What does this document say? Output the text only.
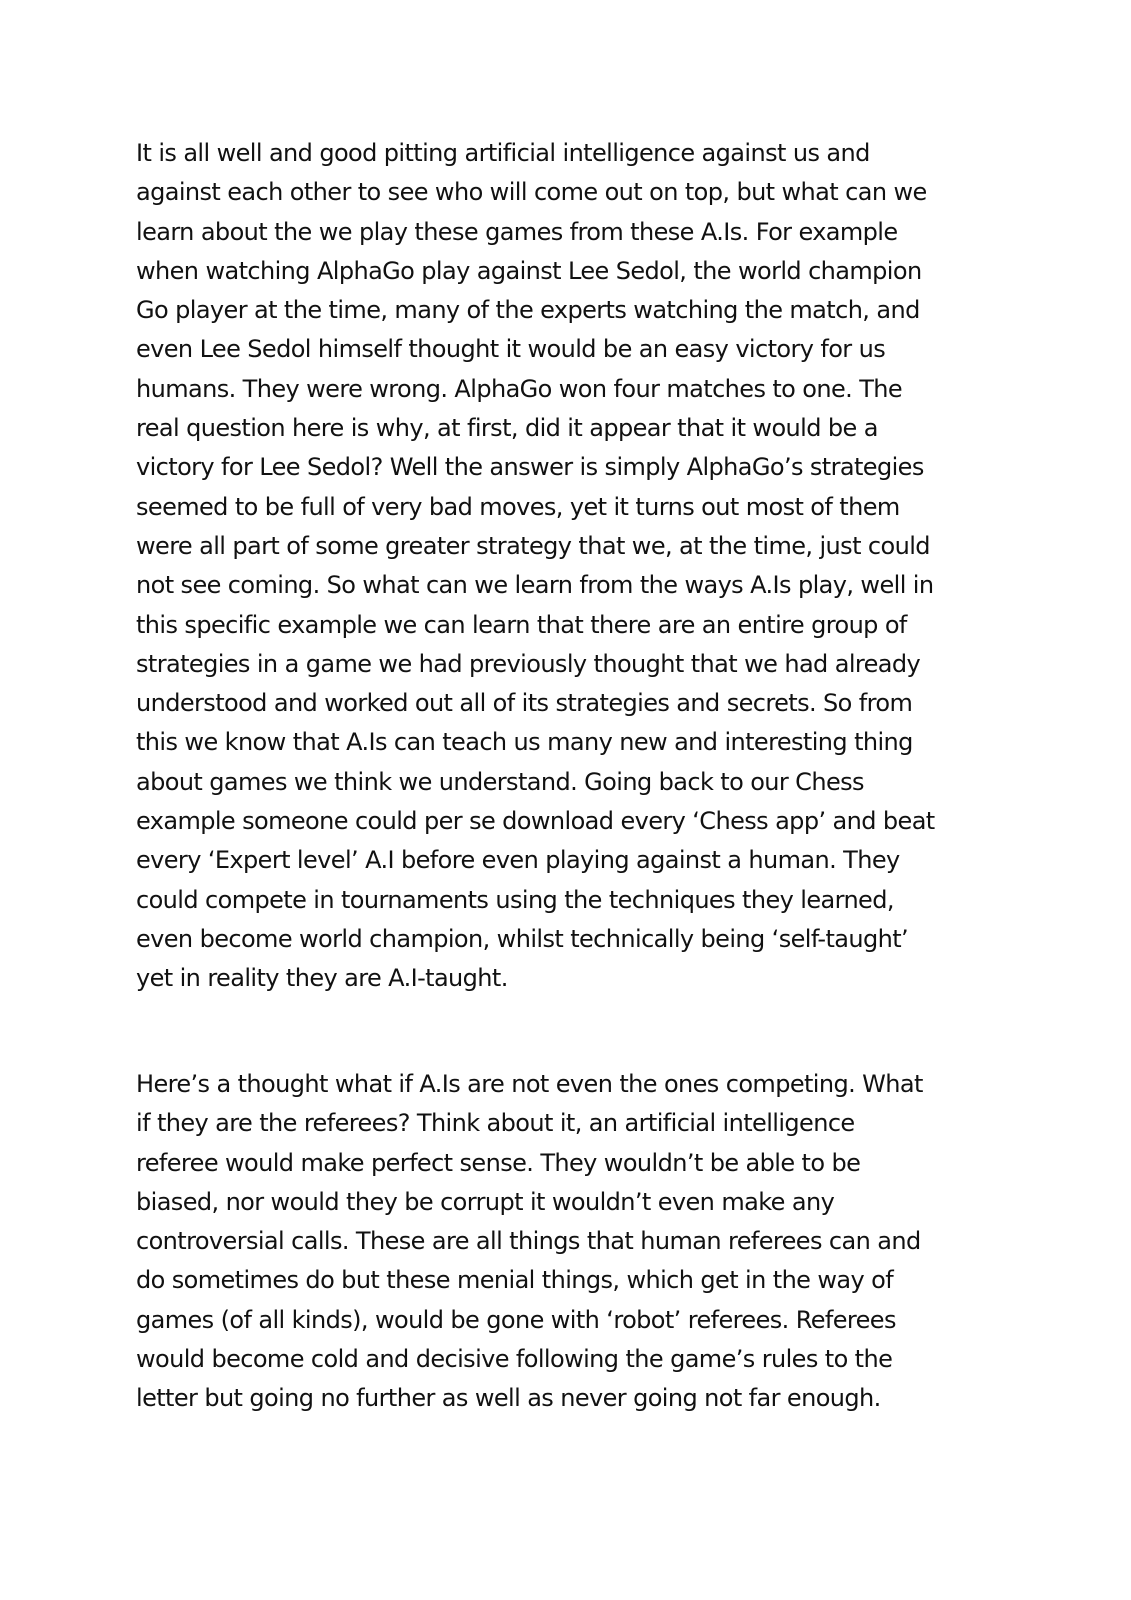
It is all well and good pitting artificial intelligence against us and
against each other to see who will come out on top, but what can we
learn about the we play these games from these A.Is. For example
when watching AlphaGo play against Lee Sedol, the world champion
Go player at the time, many of the experts watching the match, and
even Lee Sedol himself thought it would be an easy victory for us
humans. They were wrong. AlphaGo won four matches to one. The
real question here is why, at first, did it appear that it would be a
victory for Lee Sedol? Well the answer is simply AlphaGo’s strategies
seemed to be full of very bad moves, yet it turns out most of them
were all part of some greater strategy that we, at the time, just could
not see coming. So what can we learn from the ways A.Is play, well in
this specific example we can learn that there are an entire group of
strategies in a game we had previously thought that we had already
understood and worked out all of its strategies and secrets. So from
this we know that A.Is can teach us many new and interesting thing
about games we think we understand. Going back to our Chess
example someone could per se download every ‘Chess app’ and beat
every ‘Expert level’ A.I before even playing against a human. They
could compete in tournaments using the techniques they learned,
even become world champion, whilst technically being ‘self-taught’
yet in reality they are A.I-taught.

Here’s a thought what if A.Is are not even the ones competing. What
if they are the referees? Think about it, an artificial intelligence
referee would make perfect sense. They wouldn’t be able to be
biased, nor would they be corrupt it wouldn’t even make any
controversial calls. These are all things that human referees can and
do sometimes do but these menial things, which get in the way of
games (of all kinds), would be gone with ‘robot’ referees. Referees
would become cold and decisive following the game’s rules to the
letter but going no further as well as never going not far enough.
